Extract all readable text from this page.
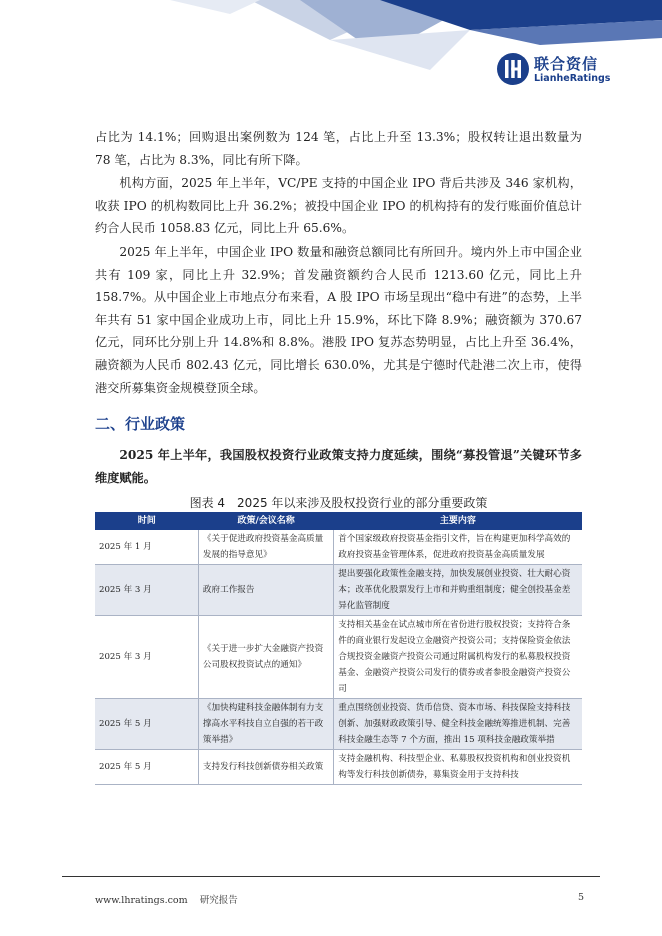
联合资信
LianheRatings

占比为 14.1%；回购退出案例数为 124 笔，占比上升至 13.3%；股权转让退出数量为 78 笔，占比为 8.3%，同比有所下降。

机构方面，2025 年上半年，VC/PE 支持的中国企业 IPO 背后共涉及 346 家机构，收获 IPO 的机构数同比上升 36.2%；被投中国企业 IPO 的机构持有的发行账面价值总计约合人民币 1058.83 亿元，同比上升 65.6%。

2025 年上半年，中国企业 IPO 数量和融资总额同比有所回升。境内外上市中国企业共有 109 家，同比上升 32.9%；首发融资额约合人民币 1213.60 亿元，同比上升 158.7%。从中国企业上市地点分布来看，A 股 IPO 市场呈现出“稳中有进”的态势，上半年共有 51 家中国企业成功上市，同比上升 15.9%，环比下降 8.9%；融资额为 370.67 亿元，同环比分别上升 14.8%和 8.8%。港股 IPO 复苏态势明显，占比上升至 36.4%，融资额为人民币 802.43 亿元，同比增长 630.0%，尤其是宁德时代赴港二次上市，使得港交所募集资金规模登顶全球。

二、行业政策

2025 年上半年，我国股权投资行业政策支持力度延续，围绕“募投管退”关键环节多维度赋能。

图表 4　2025 年以来涉及股权投资行业的部分重要政策
时间	政策/会议名称	主要内容
2025 年 1 月	《关于促进政府投资基金高质量发展的指导意见》	首个国家级政府投资基金指引文件，旨在构建更加科学高效的政府投资基金管理体系，促进政府投资基金高质量发展
2025 年 3 月	政府工作报告	提出要强化政策性金融支持，加快发展创业投资、壮大耐心资本；改革优化股票发行上市和并购重组制度；健全创投基金差异化监管制度
2025 年 3 月	《关于进一步扩大金融资产投资公司股权投资试点的通知》	支持相关基金在试点城市所在省份进行股权投资；支持符合条件的商业银行发起设立金融资产投资公司；支持保险资金依法合规投资金融资产投资公司通过附属机构发行的私募股权投资基金、金融资产投资公司发行的债券或者参股金融资产投资公司
2025 年 5 月	《加快构建科技金融体制有力支撑高水平科技自立自强的若干政策举措》	重点围绕创业投资、货币信贷、资本市场、科技保险支持科技创新、加强财政政策引导、健全科技金融统筹推进机制、完善科技金融生态等 7 个方面，推出 15 项科技金融政策举措
2025 年 5 月	支持发行科技创新债券相关政策	支持金融机构、科技型企业、私募股权投资机构和创业投资机构等发行科技创新债券，募集资金用于支持科技
www.lhratings.com 研究报告	5
